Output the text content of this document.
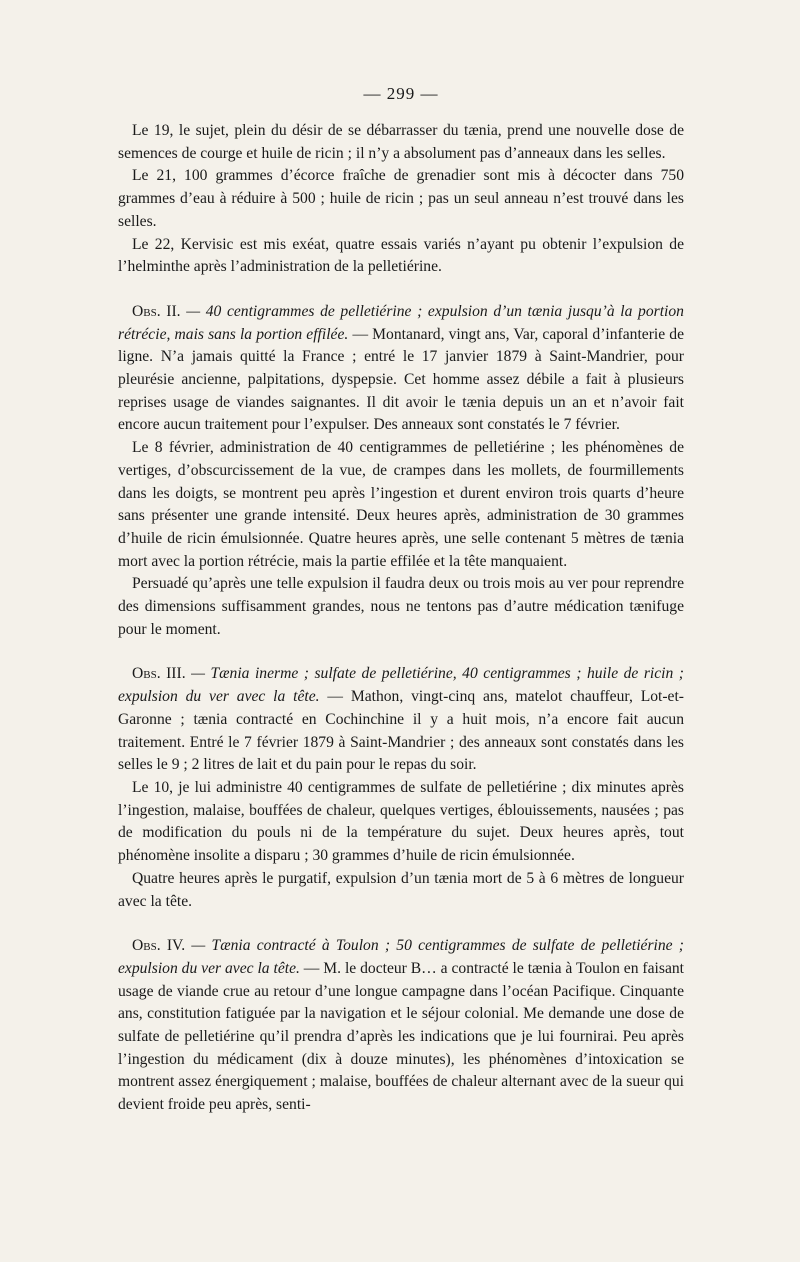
— 299 —

Le 19, le sujet, plein du désir de se débarrasser du tænia, prend une nouvelle dose de semences de courge et huile de ricin ; il n’y a absolument pas d’anneaux dans les selles.

Le 21, 100 grammes d’écorce fraîche de grenadier sont mis à décocter dans 750 grammes d’eau à réduire à 500 ; huile de ricin ; pas un seul anneau n’est trouvé dans les selles.

Le 22, Kervisic est mis exéat, quatre essais variés n’ayant pu obtenir l’expulsion de l’helminthe après l’administration de la pelletiérine.

Obs. II. — 40 centigrammes de pelletiérine ; expulsion d’un tænia jusqu’à la portion rétrécie, mais sans la portion effilée. — Montanard, vingt ans, Var, caporal d’infanterie de ligne. N’a jamais quitté la France ; entré le 17 janvier 1879 à Saint-Mandrier, pour pleurésie ancienne, palpitations, dyspepsie. Cet homme assez débile a fait à plusieurs reprises usage de viandes saignantes. Il dit avoir le tænia depuis un an et n’avoir fait encore aucun traitement pour l’expulser. Des anneaux sont constatés le 7 février.

Le 8 février, administration de 40 centigrammes de pelletiérine ; les phénomènes de vertiges, d’obscurcissement de la vue, de crampes dans les mollets, de fourmillements dans les doigts, se montrent peu après l’ingestion et durent environ trois quarts d’heure sans présenter une grande intensité. Deux heures après, administration de 30 grammes d’huile de ricin émulsionnée. Quatre heures après, une selle contenant 5 mètres de tænia mort avec la portion rétrécie, mais la partie effilée et la tête manquaient.

Persuadé qu’après une telle expulsion il faudra deux ou trois mois au ver pour reprendre des dimensions suffisamment grandes, nous ne tentons pas d’autre médication tænifuge pour le moment.

Obs. III. — Tænia inerme ; sulfate de pelletiérine, 40 centigrammes ; huile de ricin ; expulsion du ver avec la tête. — Mathon, vingt-cinq ans, matelot chauffeur, Lot-et-Garonne ; tænia contracté en Cochinchine il y a huit mois, n’a encore fait aucun traitement. Entré le 7 février 1879 à Saint-Mandrier ; des anneaux sont constatés dans les selles le 9 ; 2 litres de lait et du pain pour le repas du soir.

Le 10, je lui administre 40 centigrammes de sulfate de pelletiérine ; dix minutes après l’ingestion, malaise, bouffées de chaleur, quelques vertiges, éblouissements, nausées ; pas de modification du pouls ni de la température du sujet. Deux heures après, tout phénomène insolite a disparu ; 30 grammes d’huile de ricin émulsionnée.

Quatre heures après le purgatif, expulsion d’un tænia mort de 5 à 6 mètres de longueur avec la tête.

Obs. IV. — Tænia contracté à Toulon ; 50 centigrammes de sulfate de pelletiérine ; expulsion du ver avec la tête. — M. le docteur B… a contracté le tænia à Toulon en faisant usage de viande crue au retour d’une longue campagne dans l’océan Pacifique. Cinquante ans, constitution fatiguée par la navigation et le séjour colonial. Me demande une dose de sulfate de pelletiérine qu’il prendra d’après les indications que je lui fournirai. Peu après l’ingestion du médicament (dix à douze minutes), les phénomènes d’intoxication se montrent assez énergiquement ; malaise, bouffées de chaleur alternant avec de la sueur qui devient froide peu après, senti-
